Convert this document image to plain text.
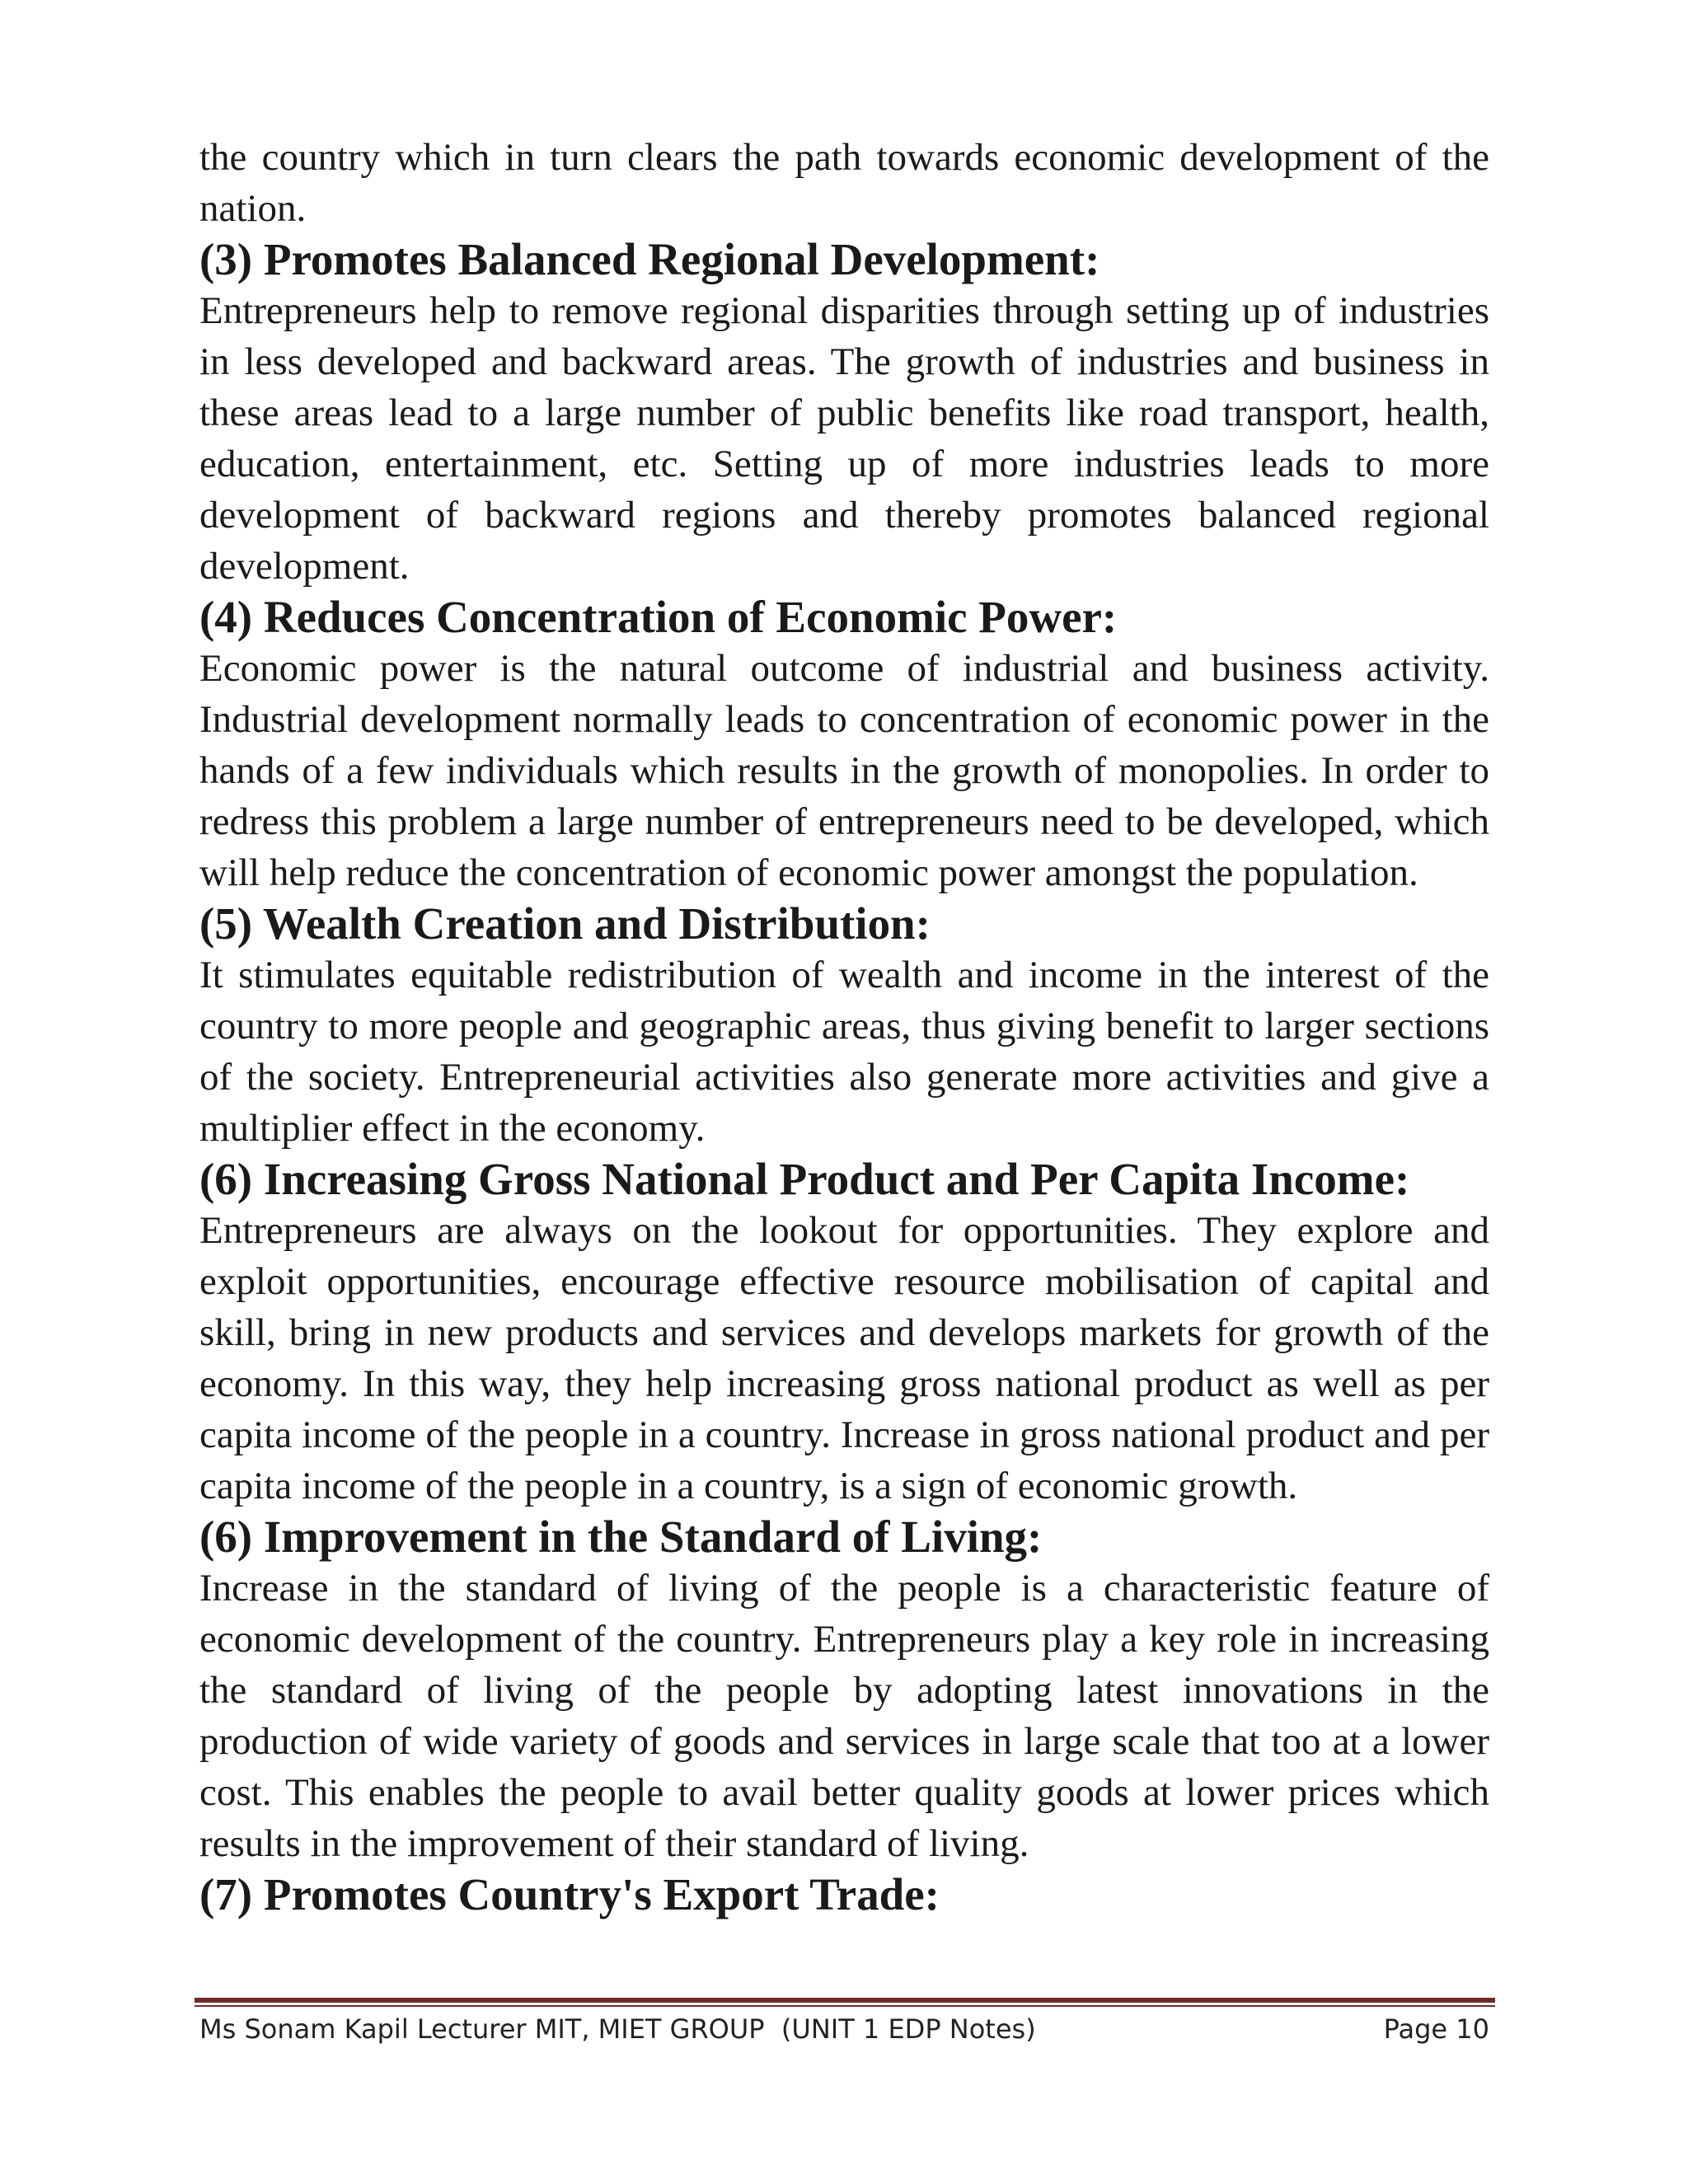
the country which in turn clears the path towards economic development of the nation.

(3) Promotes Balanced Regional Development:

Entrepreneurs help to remove regional disparities through setting up of industries in less developed and backward areas. The growth of industries and business in these areas lead to a large number of public benefits like road transport, health, education, entertainment, etc. Setting up of more industries leads to more development of backward regions and thereby promotes balanced regional development.

(4) Reduces Concentration of Economic Power:

Economic power is the natural outcome of industrial and business activity. Industrial development normally leads to concentration of economic power in the hands of a few individuals which results in the growth of monopolies. In order to redress this problem a large number of entrepreneurs need to be developed, which will help reduce the concentration of economic power amongst the population.

(5) Wealth Creation and Distribution:

It stimulates equitable redistribution of wealth and income in the interest of the country to more people and geographic areas, thus giving benefit to larger sections of the society. Entrepreneurial activities also generate more activities and give a multiplier effect in the economy.

(6) Increasing Gross National Product and Per Capita Income:

Entrepreneurs are always on the lookout for opportunities. They explore and exploit opportunities, encourage effective resource mobilisation of capital and skill, bring in new products and services and develops markets for growth of the economy. In this way, they help increasing gross national product as well as per capita income of the people in a country. Increase in gross national product and per capita income of the people in a country, is a sign of economic growth.

(6) Improvement in the Standard of Living:

Increase in the standard of living of the people is a characteristic feature of economic development of the country. Entrepreneurs play a key role in increasing the standard of living of the people by adopting latest innovations in the production of wide variety of goods and services in large scale that too at a lower cost. This enables the people to avail better quality goods at lower prices which results in the improvement of their standard of living.

(7) Promotes Country's Export Trade:
Ms Sonam Kapil Lecturer MIT, MIET GROUP  (UNIT 1 EDP Notes)	Page 10
